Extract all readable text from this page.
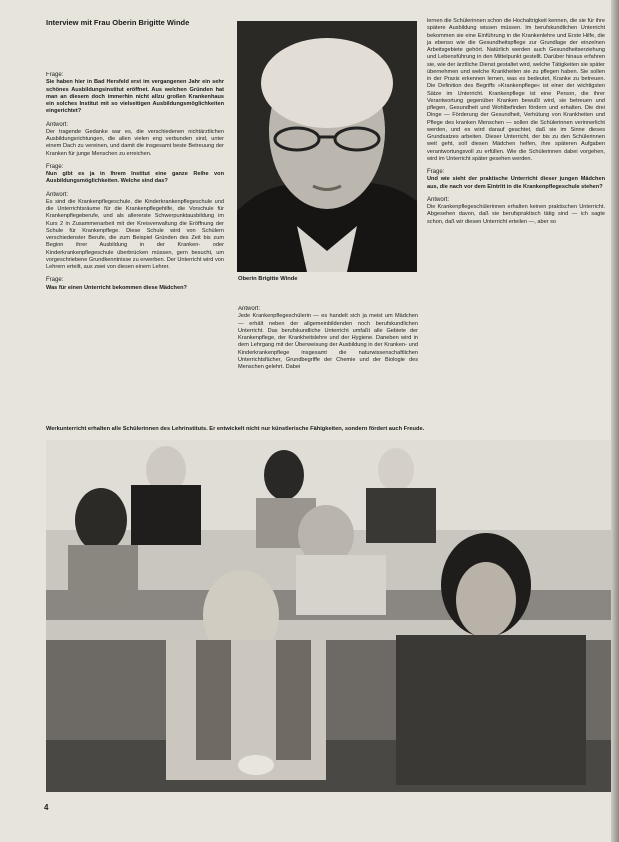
Interview mit Frau Oberin Brigitte Winde

Frage:

Sie haben hier in Bad Hersfeld erst im vergangenen Jahr ein sehr schönes Ausbildungsinstitut eröffnet. Aus welchen Gründen hat man an diesem doch immerhin nicht allzu großen Krankenhaus ein solches Institut mit so vielseitigen Ausbildungsmöglichkeiten eingerichtet?

Antwort:

Der tragende Gedanke war es, die verschiedenen nichtärztlichen Ausbildungsrichtungen, die allen vielen eng verbunden sind, unter einem Dach zu vereinen, und damit die insgesamt beste Betreuung der Kranken für junge Menschen zu erreichen.

Frage:

Nun gibt es ja in Ihrem Institut eine ganze Reihe von Ausbildungsmöglichkeiten. Welche sind das?

Antwort:

Es sind die Krankenpflegeschule, die Kinderkrankenpflegeschule und die Unterrichtsräume für die Krankenpflegehilfe, die Vorschule für Krankenpflegeberufe, und als allererste Schwerpunktausbildung im Kurs 2 in Zusammenarbeit mit der Kreisverwaltung die Eröffnung der Schule für Krankenpflege. Diese Schule wird von Schülern verschiedenster Berufe, die zum Beispiel Gründen des Zeit bis zum Beginn ihrer Ausbildung in der Kranken- oder Kinderkrankenpflegeschule überbrücken müssen, gern besucht, um vorgeschriebene Grundkenntnisse zu erwerben. Der Unterricht wird von Lehrern erteilt, aus zwei von diesen einem Lehrer.

Frage:

Was für einen Unterricht bekommen diese Mädchen?

Oberin Brigitte Winde

Antwort:

Jede Krankenpflegeschülerin — es handelt sich ja meist um Mädchen — erhält neben der allgemeinbildenden noch berufskundlichen Unterricht. Das berufskundliche Unterricht umfaßt alle Gebiete der Krankenpflege, der Krankheitslehre und der Hygiene. Daneben wird in dem Lehrgang mit der Überweisung der Ausbildung in der Kranken- und Kinderkrankenpflege insgesamt die naturwissenschaftlichen Unterrichtsfächer, Grundbegriffe der Chemie und der Biologie des Menschen gelehrt. Dabei

lernen die Schülerinnen schon die Hochaltrigkeit kennen, die sie für ihre spätere Ausbildung wissen müssen. Im berufskundlichen Unterricht bekommen sie eine Einführung in die Krankenlehre und Erste Hilfe, die ja ebenso wie die Gesundheitspflege zur Grundlage der einzelnen Arbeitsgebiete gehört. Natürlich werden auch Gesundheitserziehung und Lebensführung in den Mittelpunkt gestellt. Darüber hinaus erfahren sie, wie der ärztliche Dienst gestaltet wird, welche Tätigkeiten sie später übernehmen und welche Krankheiten sie zu pflegen haben. Sie sollen in der Praxis erkennen lernen, was es bedeutet, Kranke zu betreuen. Die Definition des Begriffs »Krankenpflege« ist einer der wichtigsten Sätze im Unterricht. Krankenpflege ist eine Person, die ihrer Verantwortung gegenüber Kranken bewußt wird, sie betreuen und pflegen, Gesundheit und Wohlbefinden fördern und erhalten. Die drei Dinge — Förderung der Gesundheit, Verhütung von Krankheiten und Pflege des kranken Menschen — sollen die Schülerinnen verinnerlicht werden, und es wird darauf geachtet, daß sie im Sinne dieses Grundsatzes arbeiten. Dieser Unterricht, der bis zu den Schülerinnen weit geht, soll diesen Mädchen helfen, ihre späteren Aufgaben verantwortungsvoll zu erfüllen. Wie die Schülerinnen dabei vorgehen, wird im Unterricht später gesehen werden.

Frage:

Und wie sieht der praktische Unterricht dieser jungen Mädchen aus, die nach vor dem Eintritt in die Krankenpflegeschule stehen?

Antwort:

Die Krankenpflegeschülerinnen erhalten keinen praktischen Unterricht. Abgesehen davon, daß sie berufspraktisch tätig sind — ich sagte schon, daß wir diesen Unterricht erteilen —, aber so

Werkunterricht erhalten alle Schülerinnen des Lehrinstituts. Er entwickelt nicht nur künstlerische Fähigkeiten, sondern fördert auch Freude.
4
